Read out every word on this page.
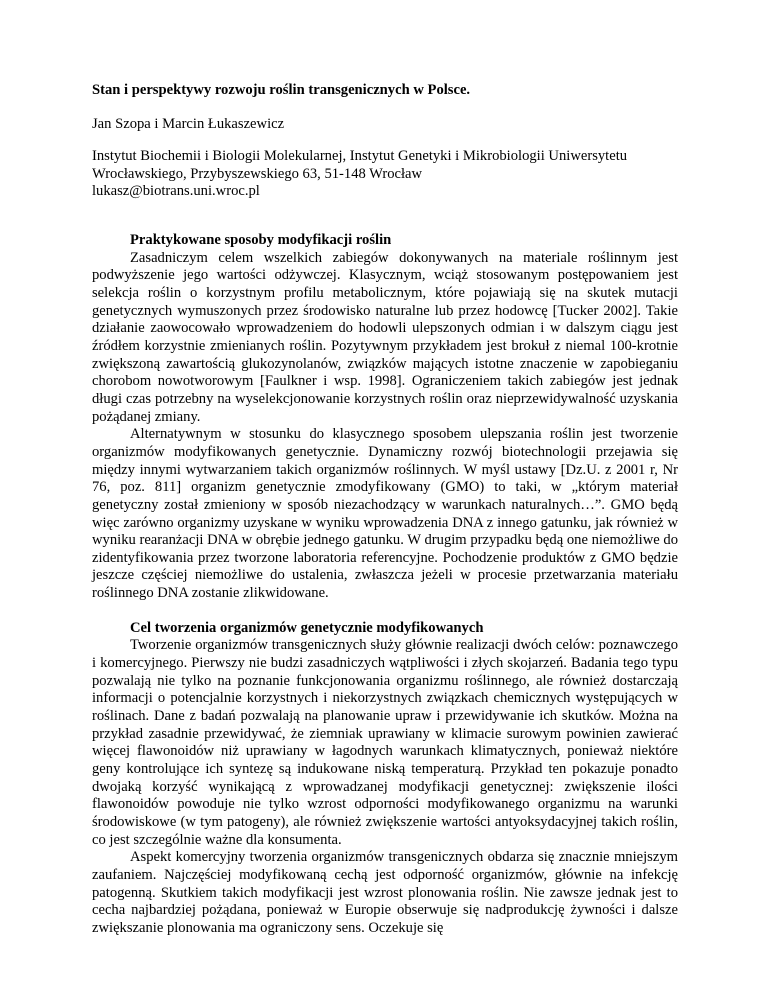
Stan i perspektywy rozwoju roślin transgenicznych w Polsce.
Jan Szopa i Marcin Łukaszewicz
Instytut Biochemii i Biologii Molekularnej, Instytut Genetyki i Mikrobiologii Uniwersytetu
Wrocławskiego, Przybyszewskiego 63, 51-148 Wrocław
lukasz@biotrans.uni.wroc.pl
Praktykowane sposoby modyfikacji roślin

Zasadniczym celem wszelkich zabiegów dokonywanych na materiale roślinnym jest podwyższenie jego wartości odżywczej. Klasycznym, wciąż stosowanym postępowaniem jest selekcja roślin o korzystnym profilu metabolicznym, które pojawiają się na skutek mutacji genetycznych wymuszonych przez środowisko naturalne lub przez hodowcę [Tucker 2002]. Takie działanie zaowocowało wprowadzeniem do hodowli ulepszonych odmian i w dalszym ciągu jest źródłem korzystnie zmienianych roślin. Pozytywnym przykładem jest brokuł z niemal 100-krotnie zwiększoną zawartością glukozynolanów, związków mających istotne znaczenie w zapobieganiu chorobom nowotworowym [Faulkner i wsp. 1998]. Ograniczeniem takich zabiegów jest jednak długi czas potrzebny na wyselekcjonowanie korzystnych roślin oraz nieprzewidywalność uzyskania pożądanej zmiany.

Alternatywnym w stosunku do klasycznego sposobem ulepszania roślin jest tworzenie organizmów modyfikowanych genetycznie. Dynamiczny rozwój biotechnologii przejawia się między innymi wytwarzaniem takich organizmów roślinnych. W myśl ustawy [Dz.U. z 2001 r, Nr 76, poz. 811] organizm genetycznie zmodyfikowany (GMO) to taki, w „którym materiał genetyczny został zmieniony w sposób niezachodzący w warunkach naturalnych…”. GMO będą więc zarówno organizmy uzyskane w wyniku wprowadzenia DNA z innego gatunku, jak również w wyniku rearanżacji DNA w obrębie jednego gatunku. W drugim przypadku będą one niemożliwe do zidentyfikowania przez tworzone laboratoria referencyjne. Pochodzenie produktów z GMO będzie jeszcze częściej niemożliwe do ustalenia, zwłaszcza jeżeli w procesie przetwarzania materiału roślinnego DNA zostanie zlikwidowane.

Cel tworzenia organizmów genetycznie modyfikowanych

Tworzenie organizmów transgenicznych służy głównie realizacji dwóch celów: poznawczego i komercyjnego. Pierwszy nie budzi zasadniczych wątpliwości i złych skojarzeń. Badania tego typu pozwalają nie tylko na poznanie funkcjonowania organizmu roślinnego, ale również dostarczają informacji o potencjalnie korzystnych i niekorzystnych związkach chemicznych występujących w roślinach. Dane z badań pozwalają na planowanie upraw i przewidywanie ich skutków. Można na przykład zasadnie przewidywać, że ziemniak uprawiany w klimacie surowym powinien zawierać więcej flawonoidów niż uprawiany w łagodnych warunkach klimatycznych, ponieważ niektóre geny kontrolujące ich syntezę są indukowane niską temperaturą. Przykład ten pokazuje ponadto dwojaką korzyść wynikającą z wprowadzanej modyfikacji genetycznej: zwiększenie ilości flawonoidów powoduje nie tylko wzrost odporności modyfikowanego organizmu na warunki środowiskowe (w tym patogeny), ale również zwiększenie wartości antyoksydacyjnej takich roślin, co jest szczególnie ważne dla konsumenta.

Aspekt komercyjny tworzenia organizmów transgenicznych obdarza się znacznie mniejszym zaufaniem. Najczęściej modyfikowaną cechą jest odporność organizmów, głównie na infekcję patogenną. Skutkiem takich modyfikacji jest wzrost plonowania roślin. Nie zawsze jednak jest to cecha najbardziej pożądana, ponieważ w Europie obserwuje się nadprodukcję żywności i dalsze zwiększanie plonowania ma ograniczony sens. Oczekuje się
